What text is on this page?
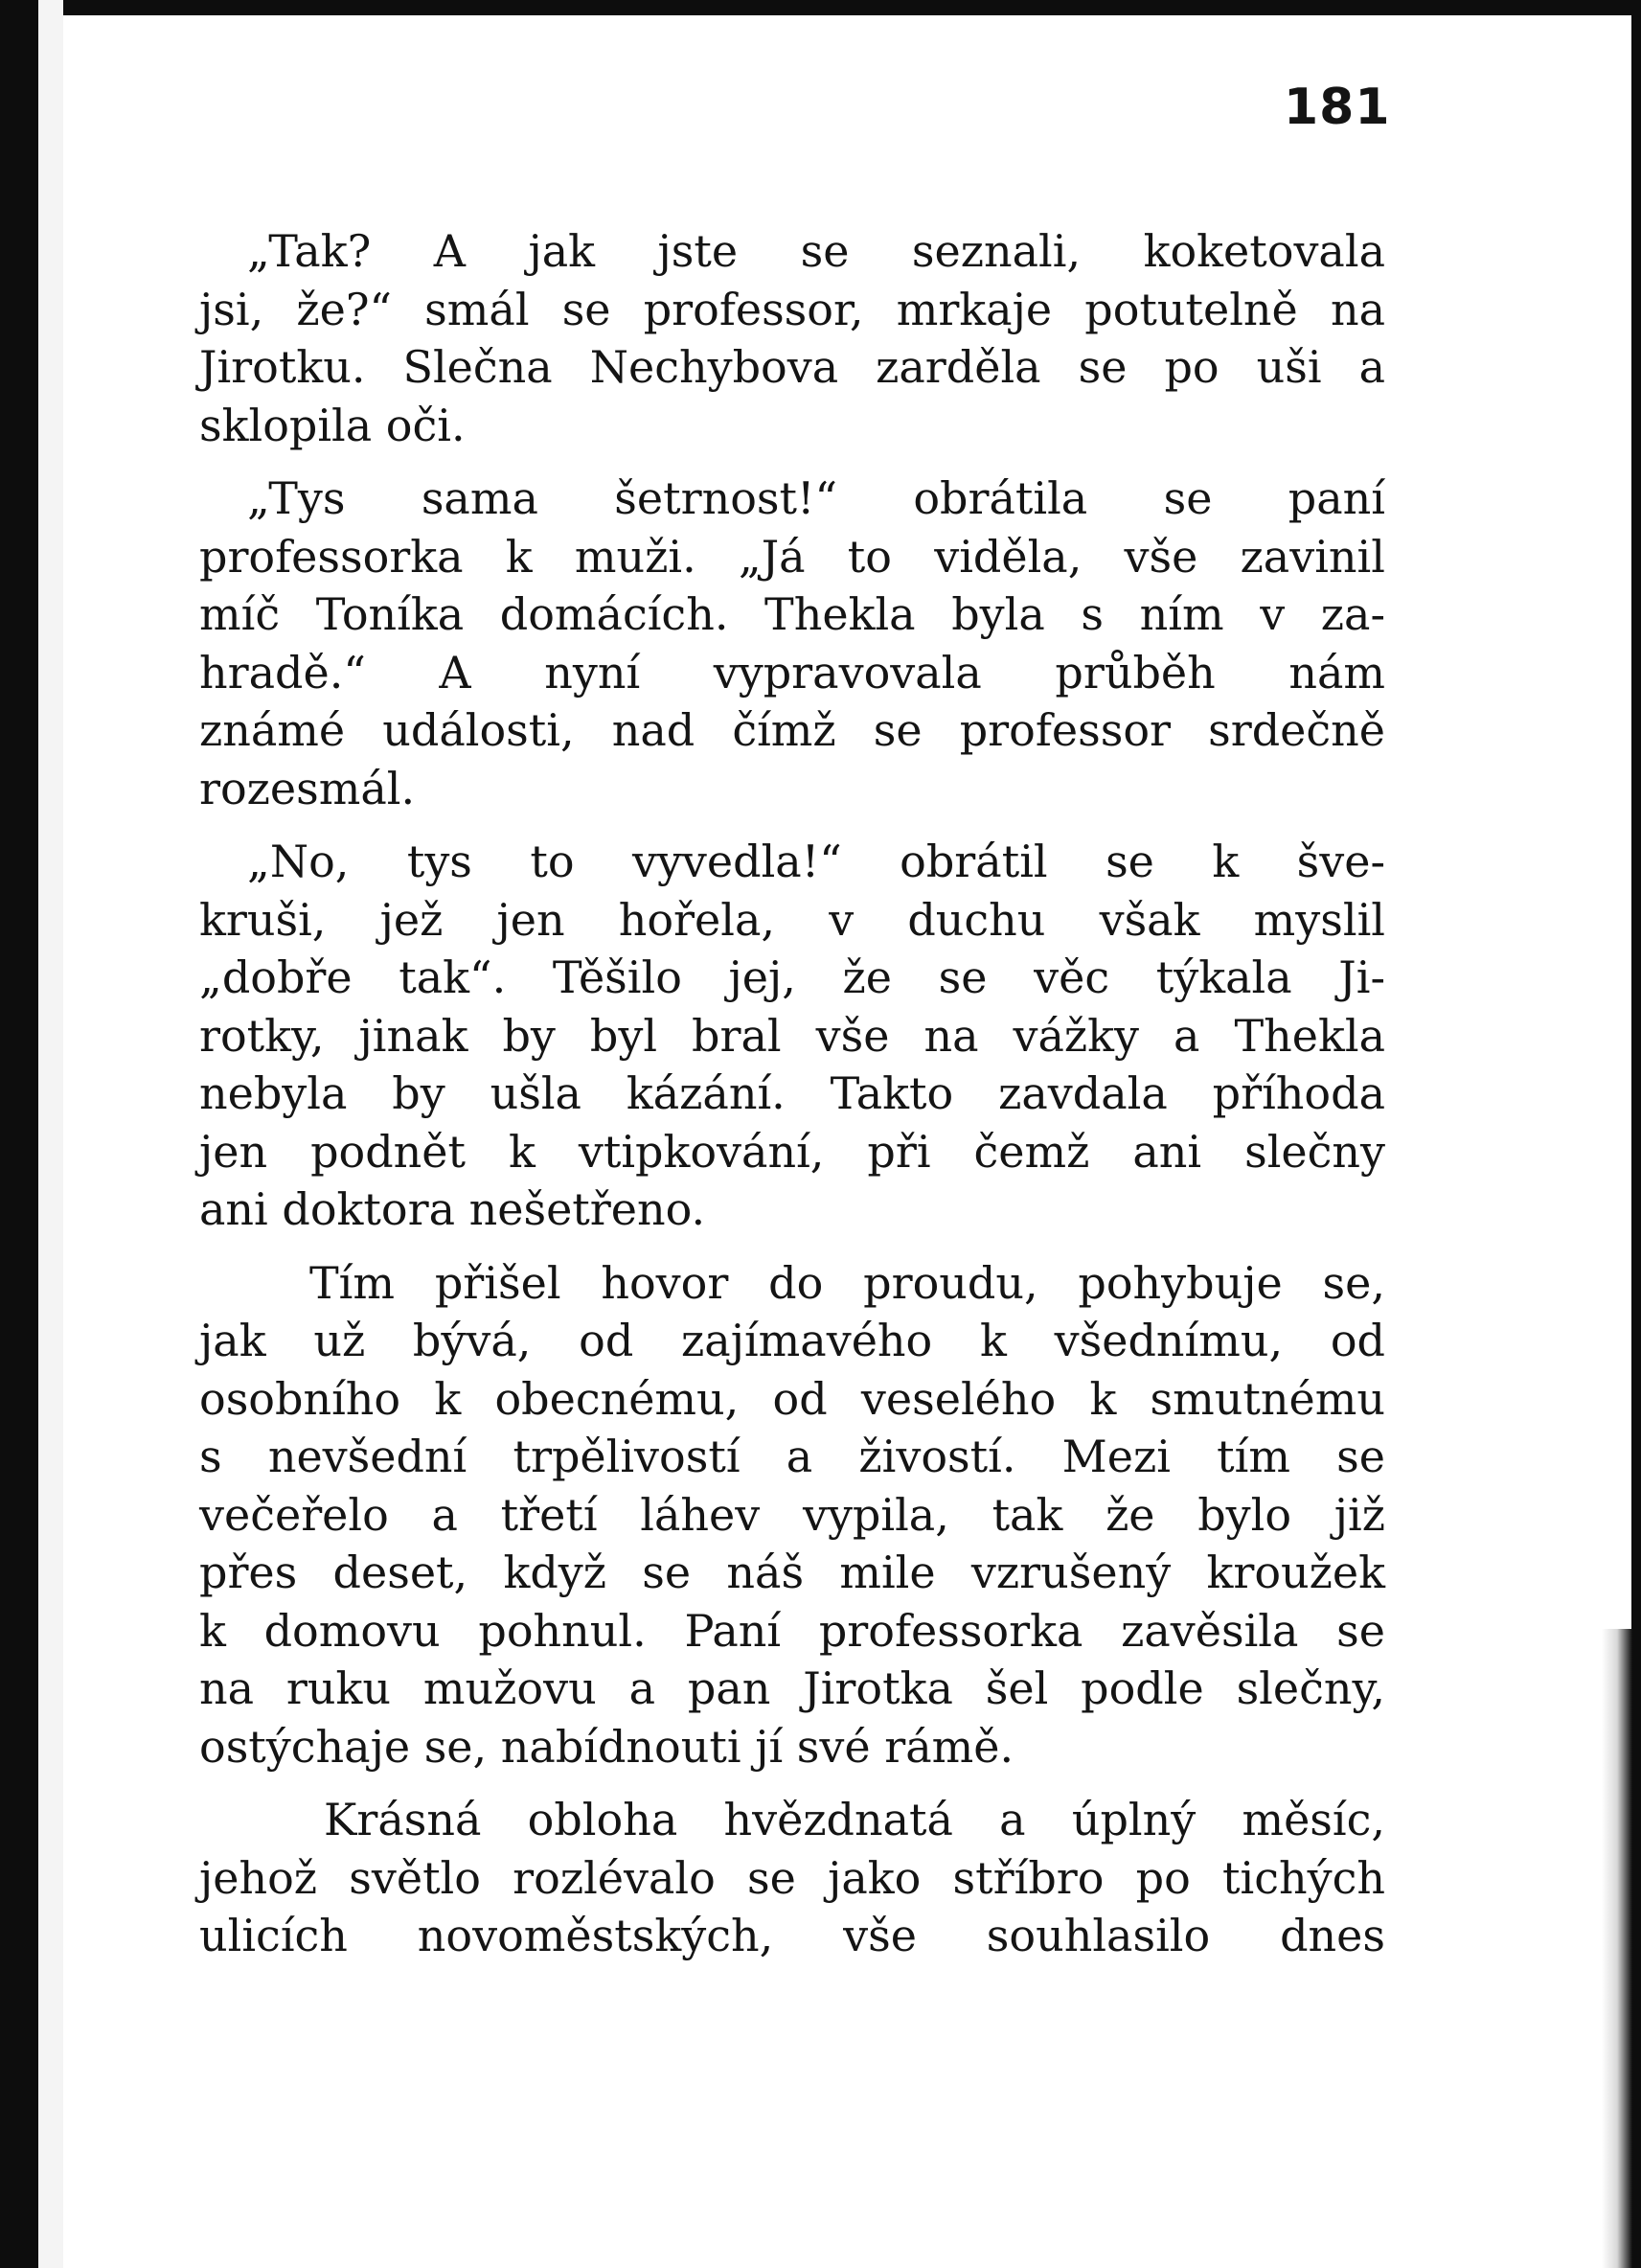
181
„Tak? A jak jste se seznali, koketovala
jsi, že?“ smál se professor, mrkaje potutelně na
Jirotku. Slečna Nechybova zarděla se po uši a
sklopila oči.
„Tys sama šetrnost!“ obrátila se paní
professorka k muži. „Já to viděla, vše zavinil
míč Toníka domácích. Thekla byla s ním v za-
hradě.“ A nyní vypravovala průběh nám
známé události, nad čímž se professor srdečně
rozesmál.
„No, tys to vyvedla!“ obrátil se k šve-
kruši, jež jen hořela, v duchu však myslil
„dobře tak“. Těšilo jej, že se věc týkala Ji-
rotky, jinak by byl bral vše na vážky a Thekla
nebyla by ušla kázání. Takto zavdala příhoda
jen podnět k vtipkování, při čemž ani slečny
ani doktora nešetřeno.
Tím přišel hovor do proudu, pohybuje se,
jak už bývá, od zajímavého k všednímu, od
osobního k obecnému, od veselého k smutnému
s nevšední trpělivostí a živostí. Mezi tím se
večeřelo a třetí láhev vypila, tak že bylo již
přes deset, když se náš mile vzrušený kroužek
k domovu pohnul. Paní professorka zavěsila se
na ruku mužovu a pan Jirotka šel podle slečny,
ostýchaje se, nabídnouti jí své rámě.
Krásná obloha hvězdnatá a úplný měsíc,
jehož světlo rozlévalo se jako stříbro po tichých
ulicích novoměstských, vše souhlasilo dnes
